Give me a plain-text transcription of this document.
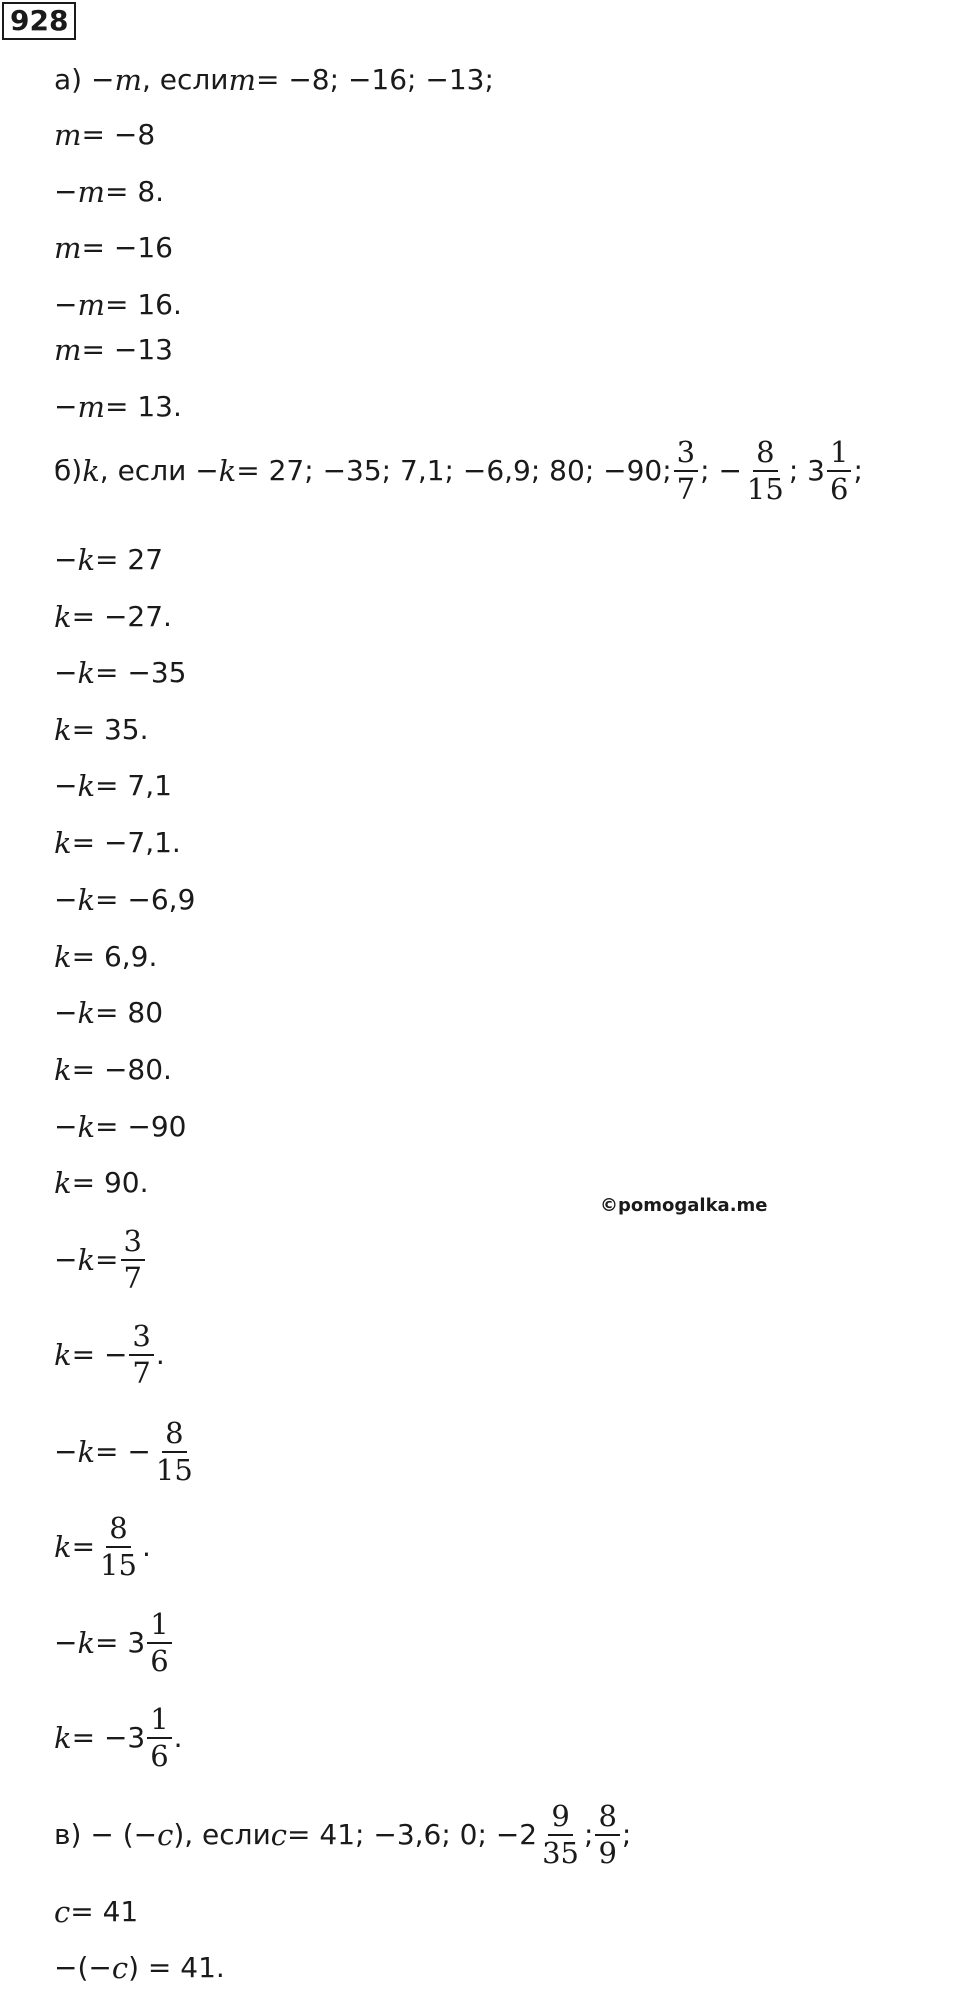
928
©pomogalka.me
а) − m , если m = −8; −16; −13;
m = −8
− m = 8.
m = −16
− m = 16.
m = −13
− m = 13.
б) k , если − k = 27; −35; 7,1; −6,9; 80; −90; $\frac{3}{7}$ ; − $\frac{8}{15}$ ; $3 \frac{1}{6}$ ;
− k = 27
k = −27.
− k = −35
k = 35.
− k = 7,1
k = −7,1.
− k = −6,9
k = 6,9.
− k = 80
k = −80.
− k = −90
k = 90.
− $k = \frac{3}{7}$
k = − $\frac{3}{7}$ .
− k = − $\frac{8}{15}$
$k = \frac{8}{15}$ .
− $k = 3 \frac{1}{6}$
$k = -3 \frac{1}{6}$ .
в) − (− c ), если c = 41; −3,6; 0; $-2 \frac{9}{35}$ ; $\frac{8}{9}$ ;
c = 41
−(− c ) = 41.
